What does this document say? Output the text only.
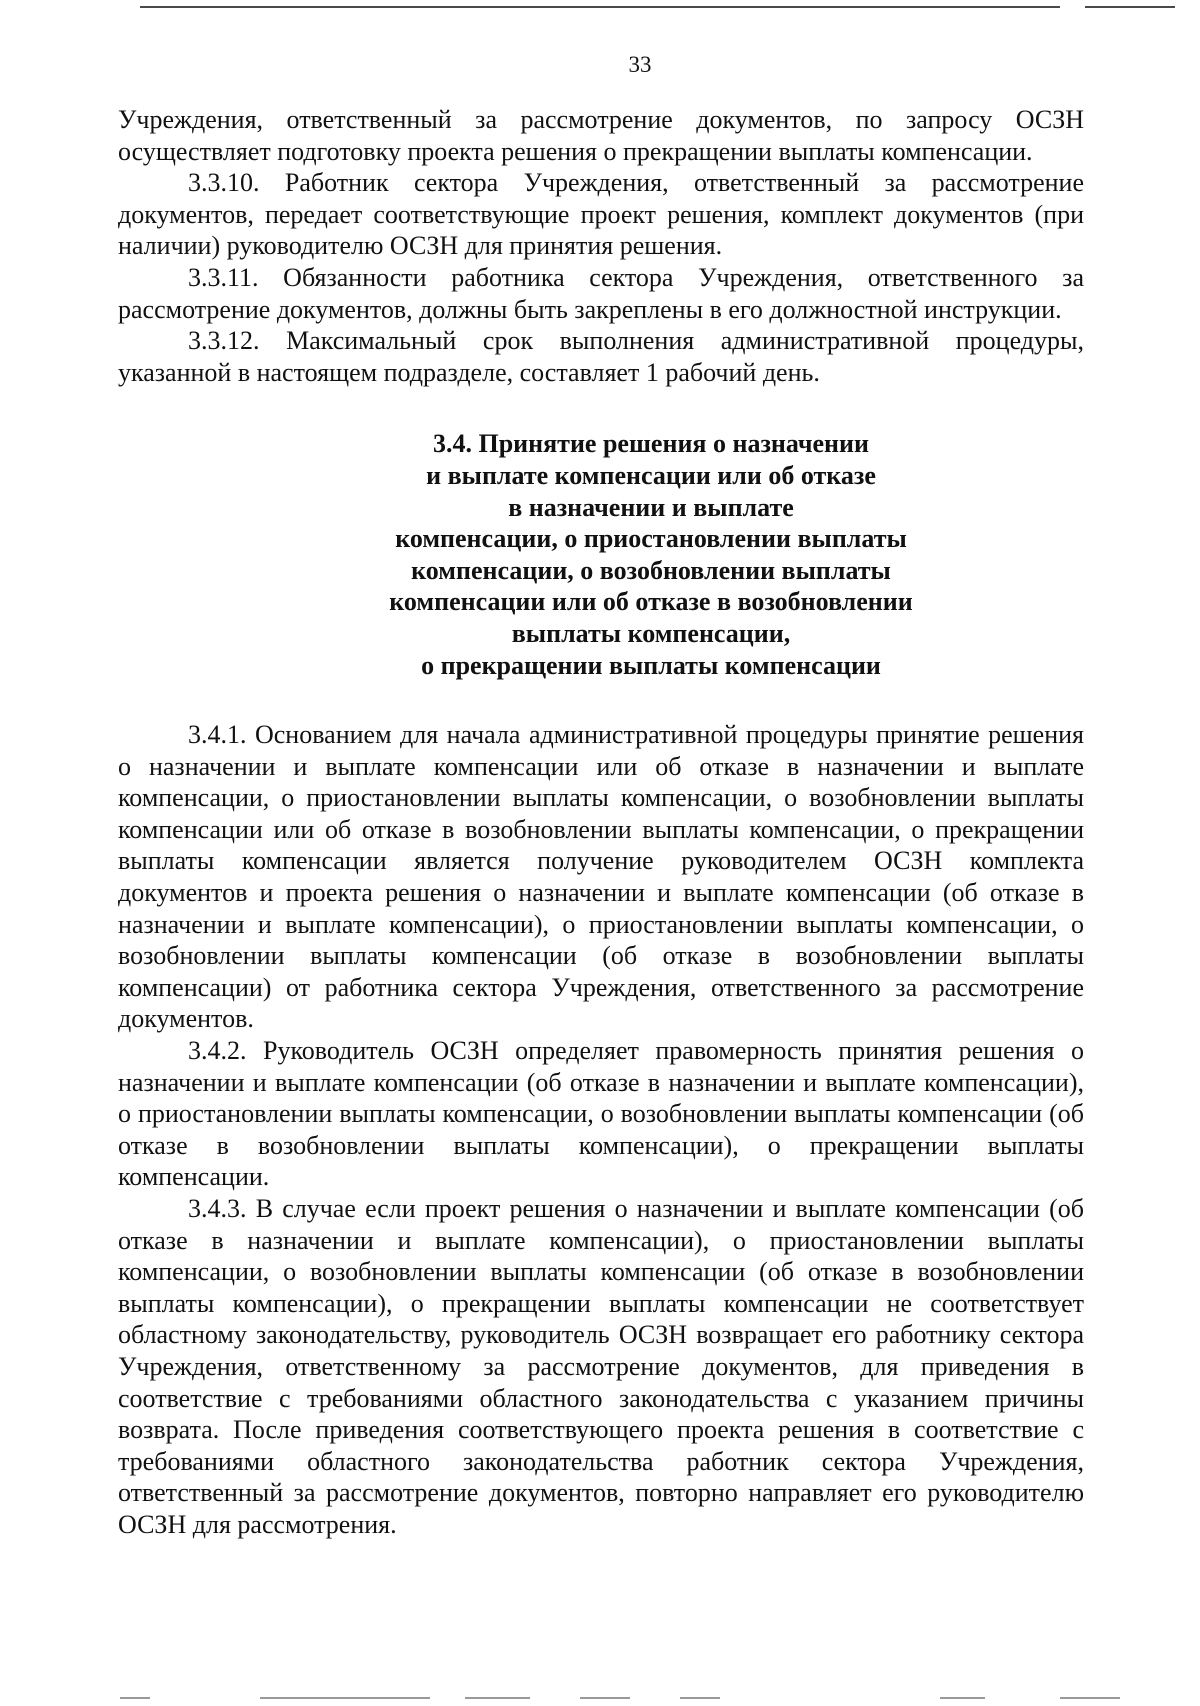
33

Учреждения, ответственный за рассмотрение документов, по запросу ОСЗН осуществляет подготовку проекта решения о прекращении выплаты компенсации.

3.3.10. Работник сектора Учреждения, ответственный за рассмотрение документов, передает соответствующие проект решения, комплект документов (при наличии) руководителю ОСЗН для принятия решения.

3.3.11. Обязанности работника сектора Учреждения, ответственного за рассмотрение документов, должны быть закреплены в его должностной инструкции.

3.3.12. Максимальный срок выполнения административной процедуры, указанной в настоящем подразделе, составляет 1 рабочий день.

3.4. Принятие решения о назначении
и выплате компенсации или об отказе
в назначении и выплате
компенсации, о приостановлении выплаты
компенсации, о возобновлении выплаты
компенсации или об отказе в возобновлении
выплаты компенсации,
о прекращении выплаты компенсации

3.4.1. Основанием для начала административной процедуры принятие решения о назначении и выплате компенсации или об отказе в назначении и выплате компенсации, о приостановлении выплаты компенсации, о возобновлении выплаты компенсации или об отказе в возобновлении выплаты компенсации, о прекращении выплаты компенсации является получение руководителем ОСЗН комплекта документов и проекта решения о назначении и выплате компенсации (об отказе в назначении и выплате компенсации), о приостановлении выплаты компенсации, о возобновлении выплаты компенсации (об отказе в возобновлении выплаты компенсации) от работника сектора Учреждения, ответственного за рассмотрение документов.

3.4.2. Руководитель ОСЗН определяет правомерность принятия решения о назначении и выплате компенсации (об отказе в назначении и выплате компенсации), о приостановлении выплаты компенсации, о возобновлении выплаты компенсации (об отказе в возобновлении выплаты компенсации), о прекращении выплаты компенсации.

3.4.3. В случае если проект решения о назначении и выплате компенсации (об отказе в назначении и выплате компенсации), о приостановлении выплаты компенсации, о возобновлении выплаты компенсации (об отказе в возобновлении выплаты компенсации), о прекращении выплаты компенсации не соответствует областному законодательству, руководитель ОСЗН возвращает его работнику сектора Учреждения, ответственному за рассмотрение документов, для приведения в соответствие с требованиями областного законодательства с указанием причины возврата. После приведения соответствующего проекта решения в соответствие с требованиями областного законодательства работник сектора Учреждения, ответственный за рассмотрение документов, повторно направляет его руководителю ОСЗН для рассмотрения.
